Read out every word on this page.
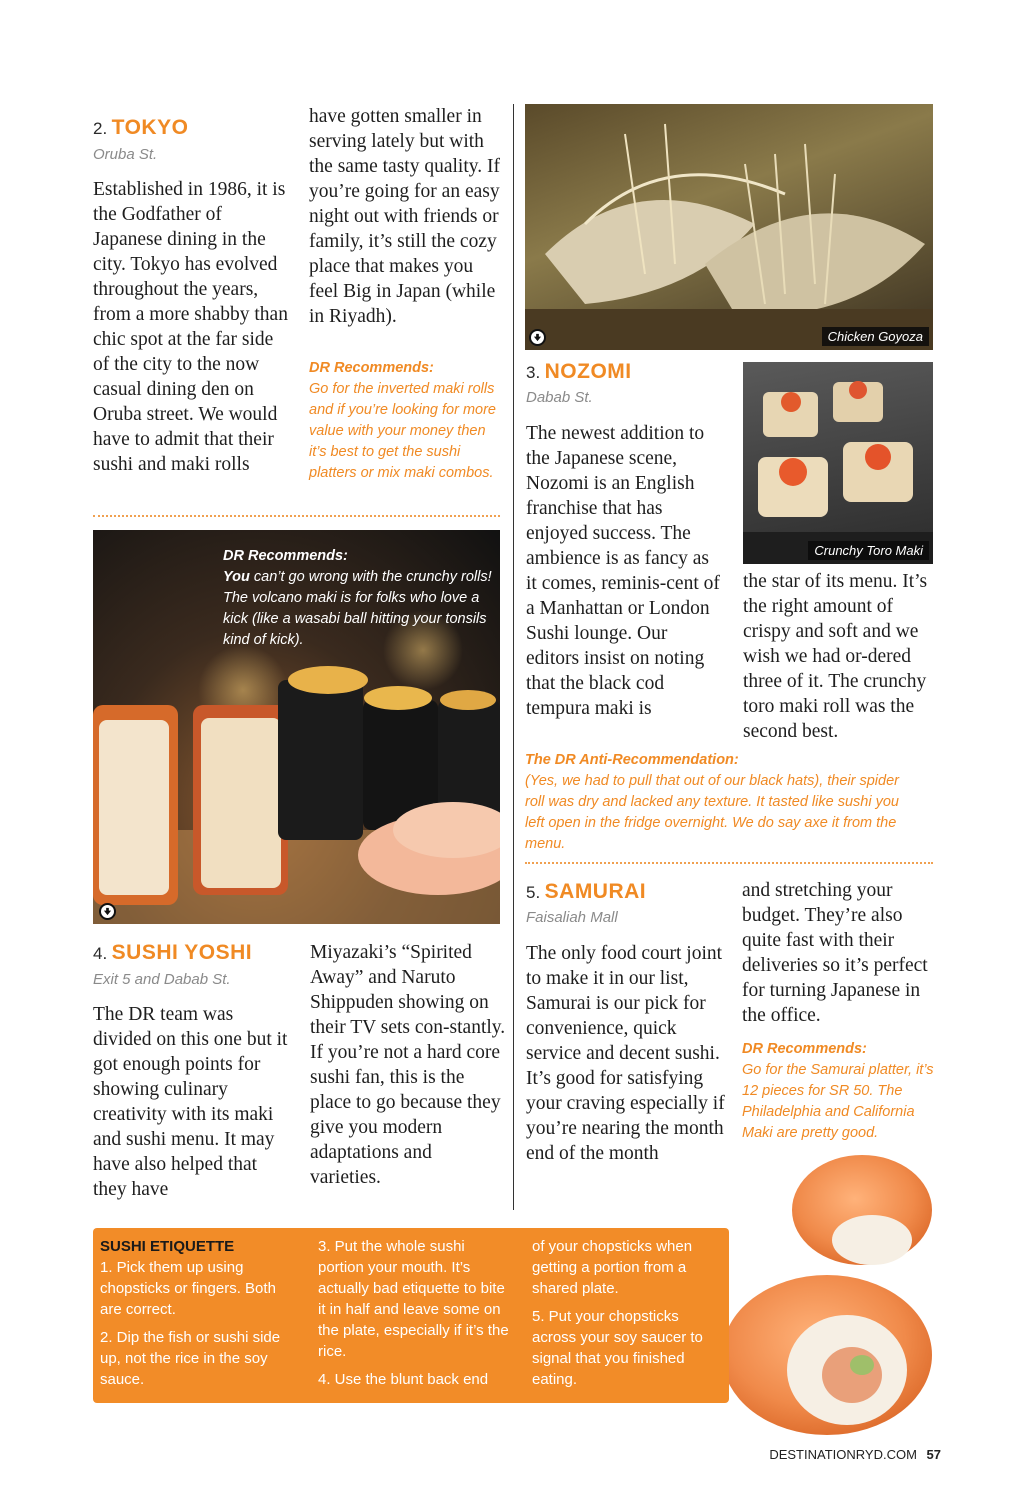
2. TOKYO
Oruba St.
Established in 1986, it is the Godfather of Japanese dining in the city. Tokyo has evolved throughout the years, from a more shabby than chic spot at the far side of the city to the now casual dining den on Oruba street. We would have to admit that their sushi and maki rolls
have gotten smaller in serving lately but with the same tasty quality. If you’re going for an easy night out with friends or family, it’s still the cozy place that makes you feel Big in Japan (while in Riyadh).
DR Recommends:
Go for the inverted maki rolls and if you’re looking for more value with your money then it’s best to get the sushi platters or mix maki combos.
DR Recommends:
You can’t go wrong with the crunchy rolls! The volcano maki is for folks who love a kick (like a wasabi ball hitting your tonsils kind of kick).
4. SUSHI YOSHI
Exit 5 and Dabab St.
The DR team was divided on this one but it got enough points for showing culinary creativity with its maki and sushi menu. It may have also helped that they have
Miyazaki’s “Spirited Away” and Naruto Shippuden showing on their TV sets con-stantly. If you’re not a hard core sushi fan, this is the place to go because they give you modern adaptations and varieties.
Chicken Goyoza
3. NOZOMI
Dabab St.
The newest addition to the Japanese scene, Nozomi is an English franchise that has enjoyed success. The ambience is as fancy as it comes, reminis-cent of a Manhattan or London Sushi lounge. Our editors insist on noting that the black cod tempura maki is
Crunchy Toro Maki
the star of its menu. It’s the right amount of crispy and soft and we wish we had or-dered three of it. The crunchy toro maki roll was the second best.
The DR Anti-Recommendation:
(Yes, we had to pull that out of our black hats), their spider roll was dry and lacked any texture. It tasted like sushi you left open in the fridge overnight. We do say axe it from the menu.
5. SAMURAI
Faisaliah Mall
The only food court joint to make it in our list, Samurai is our pick for convenience, quick service and decent sushi. It’s good for satisfying your craving especially if you’re nearing the month end of the month
and stretching your budget. They’re also quite fast with their deliveries so it’s perfect for turning Japanese in the office.
DR Recommends:
Go for the Samurai platter, it’s 12 pieces for SR 50. The Philadelphia and California Maki are pretty good.
SUSHI ETIQUETTE

1. Pick them up using chopsticks or fingers. Both are correct.

2. Dip the fish or sushi side up, not the rice in the soy sauce.

3. Put the whole sushi portion your mouth. It’s actually bad etiquette to bite it in half and leave some on the plate, especially if it’s the rice.

4. Use the blunt back end

of your chopsticks when getting a portion from a shared plate.

5. Put your chopsticks across your soy saucer to signal that you finished eating.

DESTINATIONRYD.COM 57
